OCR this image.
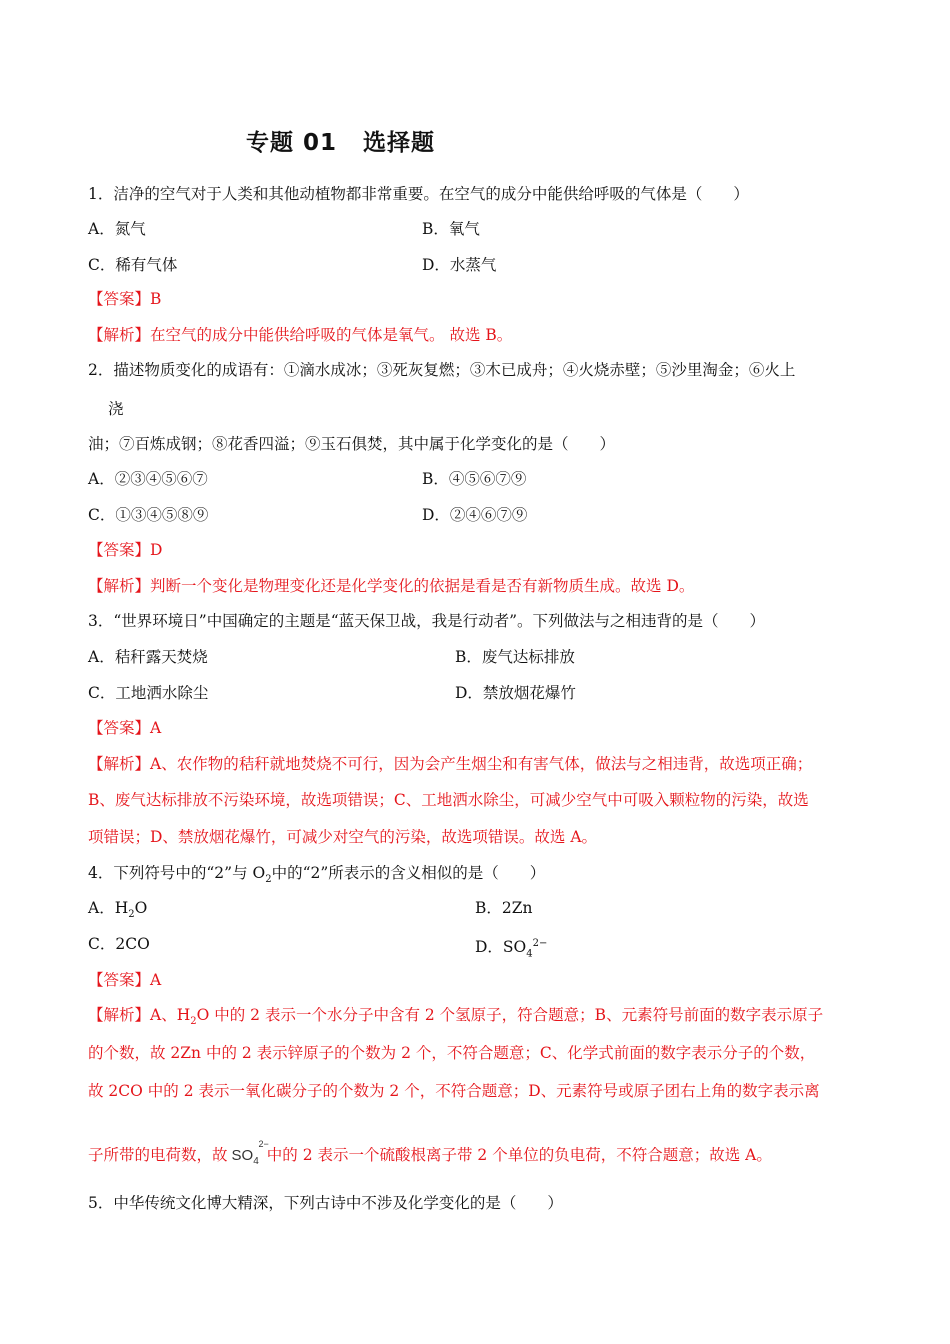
专题 01 选择题
1．洁净的空气对于人类和其他动植物都非常重要。在空气的成分中能供给呼吸的气体是（　　）
A．氮气	B．氧气
C．稀有气体	D．水蒸气
【答案】B
【解析】在空气的成分中能供给呼吸的气体是氧气。 故选 B。
2．描述物质变化的成语有：①滴水成冰；③死灰复燃；③木已成舟；④火烧赤壁；⑤沙里淘金；⑥火上
浇
油；⑦百炼成钢；⑧花香四溢；⑨玉石俱焚，其中属于化学变化的是（　　）
A．②③④⑤⑥⑦	B．④⑤⑥⑦⑨
C．①③④⑤⑧⑨	D．②④⑥⑦⑨
【答案】D
【解析】判断一个变化是物理变化还是化学变化的依据是看是否有新物质生成。故选 D。
3．“世界环境日”中国确定的主题是“蓝天保卫战，我是行动者”。下列做法与之相违背的是（　　）
A．秸秆露天焚烧	B．废气达标排放
C．工地洒水除尘	D．禁放烟花爆竹
【答案】A
【解析】A、农作物的秸秆就地焚烧不可行，因为会产生烟尘和有害气体，做法与之相违背，故选项正确；
B、废气达标排放不污染环境，故选项错误；C、工地洒水除尘，可减少空气中可吸入颗粒物的污染，故选
项错误；D、禁放烟花爆竹，可减少对空气的污染，故选项错误。故选 A。
4．下列符号中的“2”与 $O_2$中的“2”所表示的含义相似的是（　　）
A．$H_2O$	B．2Zn
C．2CO	D．$SO_4^{2-}$
【答案】A
【解析】A、$H_2O$ 中的 2 表示一个水分子中含有 2 个氢原子，符合题意；B、元素符号前面的数字表示原子
的个数，故 2Zn 中的 2 表示锌原子的个数为 2 个，不符合题意；C、化学式前面的数字表示分子的个数，
故 2CO 中的 2 表示一氧化碳分子的个数为 2 个，不符合题意；D、元素符号或原子团右上角的数字表示离
子所带的电荷数，故 $SO_4$
2−
中的 2 表示一个硫酸根离子带 2 个单位的负电荷，不符合题意；故选 A。
5．中华传统文化博大精深，下列古诗中不涉及化学变化的是（　　）
